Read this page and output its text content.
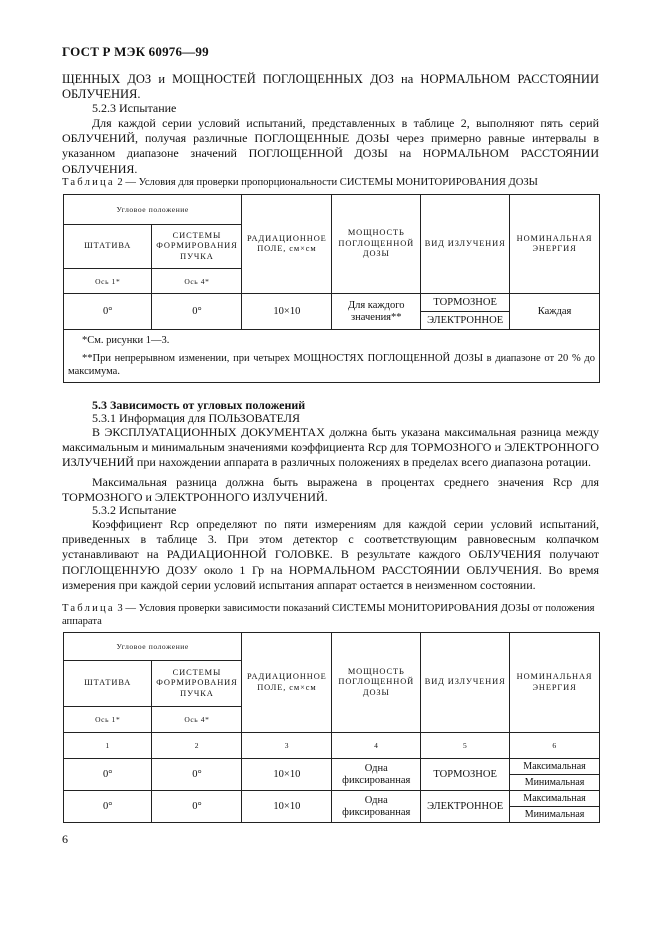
ГОСТ Р МЭК 60976—99
ЩЕННЫХ ДОЗ и МОЩНОСТЕЙ ПОГЛОЩЕННЫХ ДОЗ на НОРМАЛЬНОМ РАССТОЯНИИ ОБЛУЧЕНИЯ.
5.2.3 Испытание
Для каждой серии условий испытаний, представленных в таблице 2, выполняют пять серий ОБЛУЧЕНИЙ, получая различные ПОГЛОЩЕННЫЕ ДОЗЫ через примерно равные интервалы в указанном диапазоне значений ПОГЛОЩЕННОЙ ДОЗЫ на НОРМАЛЬНОМ РАССТОЯНИИ ОБЛУЧЕНИЯ.
Таблица 2 — Условия для проверки пропорциональности СИСТЕМЫ МОНИТОРИРОВАНИЯ ДОЗЫ
Угловое положение		РАДИАЦИОННОЕ ПОЛЕ, см×см	МОЩНОСТЬ ПОГЛОЩЕННОЙ ДОЗЫ	ВИД ИЗЛУЧЕНИЯ	НОМИНАЛЬНАЯ ЭНЕРГИЯ
ШТАТИВА	СИСТЕМЫ ФОРМИРОВАНИЯ ПУЧКА				
Ось 1*	Ось 4*				
0°	0°	10×10	Для каждого значения**	ТОРМОЗНОЕ	Каждая
				ЭЛЕКТРОННОЕ	

*См. рисунки 1—3.
**При непрерывном изменении, при четырех МОЩНОСТЯХ ПОГЛОЩЕННОЙ ДОЗЫ в диапазоне от 20 % до максимума.					
5.3 Зависимость от угловых положений
5.3.1 Информация для ПОЛЬЗОВАТЕЛЯ
В ЭКСПЛУАТАЦИОННЫХ ДОКУМЕНТАХ должна быть указана максимальная разница между максимальным и минимальным значениями коэффициента Rср для ТОРМОЗНОГО и ЭЛЕКТРОННОГО ИЗЛУЧЕНИЙ при нахождении аппарата в различных положениях в пределах всего диапазона ротации.
Максимальная разница должна быть выражена в процентах среднего значения Rср для ТОРМОЗНОГО и ЭЛЕКТРОННОГО ИЗЛУЧЕНИЙ.
5.3.2 Испытание
Коэффициент Rср определяют по пяти измерениям для каждой серии условий испытаний, приведенных в таблице 3. При этом детектор с соответствующим равновесным колпачком устанавливают на РАДИАЦИОННОЙ ГОЛОВКЕ. В результате каждого ОБЛУЧЕНИЯ получают ПОГЛОЩЕННУЮ ДОЗУ около 1 Гр на НОРМАЛЬНОМ РАССТОЯНИИ ОБЛУЧЕНИЯ. Во время измерения при каждой серии условий испытания аппарат остается в неизменном состоянии.
Таблица 3 — Условия проверки зависимости показаний СИСТЕМЫ МОНИТОРИРОВАНИЯ ДОЗЫ от положения аппарата
Угловое положение		РАДИАЦИОННОЕ ПОЛЕ, см×см	МОЩНОСТЬ ПОГЛОЩЕННОЙ ДОЗЫ	ВИД ИЗЛУЧЕНИЯ	НОМИНАЛЬНАЯ ЭНЕРГИЯ
ШТАТИВА	СИСТЕМЫ ФОРМИРОВАНИЯ ПУЧКА				
Ось 1*	Ось 4*				
1	2	3	4	5	6
0°	0°	10×10	Одна фиксированная	ТОРМОЗНОЕ	Максимальная
					Минимальная
0°	0°	10×10	Одна фиксированная	ЭЛЕКТРОННОЕ	Максимальная
					Минимальная
6
